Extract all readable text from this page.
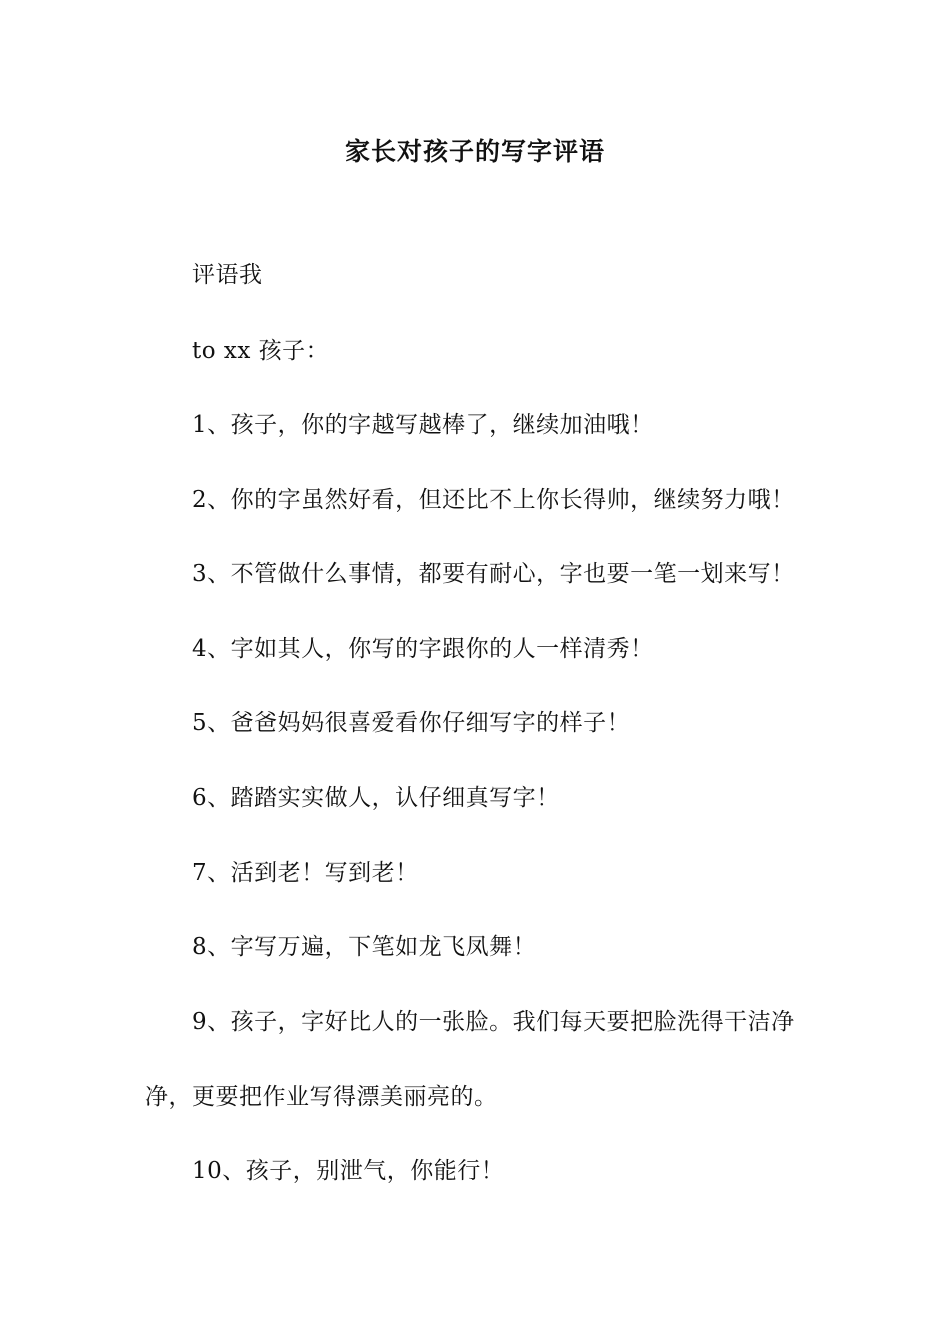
家长对孩子的写字评语
评语我
to xx 孩子：
1、孩子，你的字越写越棒了，继续加油哦！
2、你的字虽然好看，但还比不上你长得帅，继续努力哦！
3、不管做什么事情，都要有耐心，字也要一笔一划来写！
4、字如其人，你写的字跟你的人一样清秀！
5、爸爸妈妈很喜爱看你仔细写字的样子！
6、踏踏实实做人，认仔细真写字！
7、活到老！写到老！
8、字写万遍，下笔如龙飞凤舞！
9、孩子，字好比人的一张脸。我们每天要把脸洗得干洁净
净，更要把作业写得漂美丽亮的。
10、孩子，别泄气，你能行！
